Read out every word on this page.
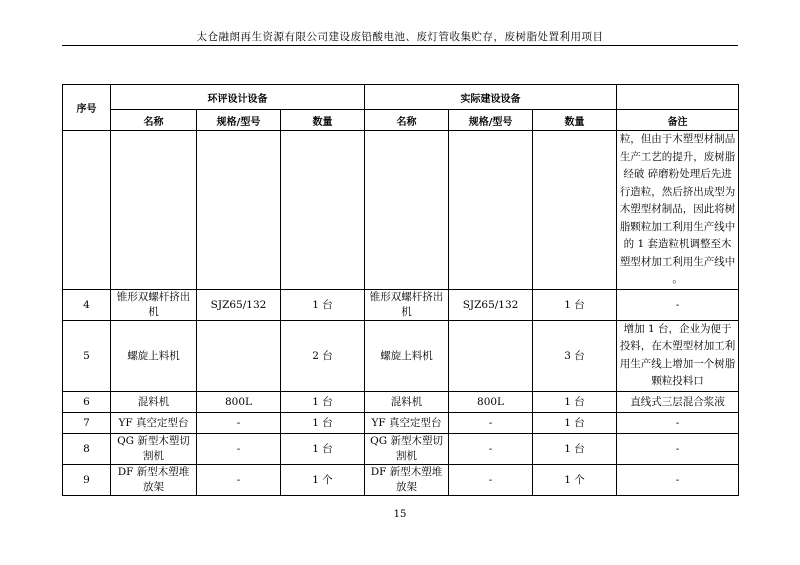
太仓融朗再生资源有限公司建设废铅酸电池、废灯管收集贮存，废树脂处置利用项目
序号	环评设计设备			实际建设设备			
	名称	规格/型号	数量	名称	规格/型号	数量	备注
							粒，但由于木塑型材制品生产工艺的提升，废树脂经破 碎磨粉处理后先进行造粒，然后挤出成型为木塑型材制品，因此将树脂颗粒加工利用生产线中的 1 套造粒机调整至木塑型材加工利用生产线中 。
4	锥形双螺杆挤出机	SJZ65/132	1 台	锥形双螺杆挤出机	SJZ65/132	1 台	-
5	螺旋上料机		2 台	螺旋上料机		3 台	增加 1 台，企业为便于投料，在木塑型材加工利用生产线上增加一个树脂颗粒投料口
6	混料机	800L	1 台	混料机	800L	1 台	直线式三层混合浆液
7	YF 真空定型台	-	1 台	YF 真空定型台	-	1 台	-
8	QG 新型木塑切割机	-	1 台	QG 新型木塑切割机	-	1 台	-
9	DF 新型木塑堆放架	-	1 个	DF 新型木塑堆放架	-	1 个	-
15
